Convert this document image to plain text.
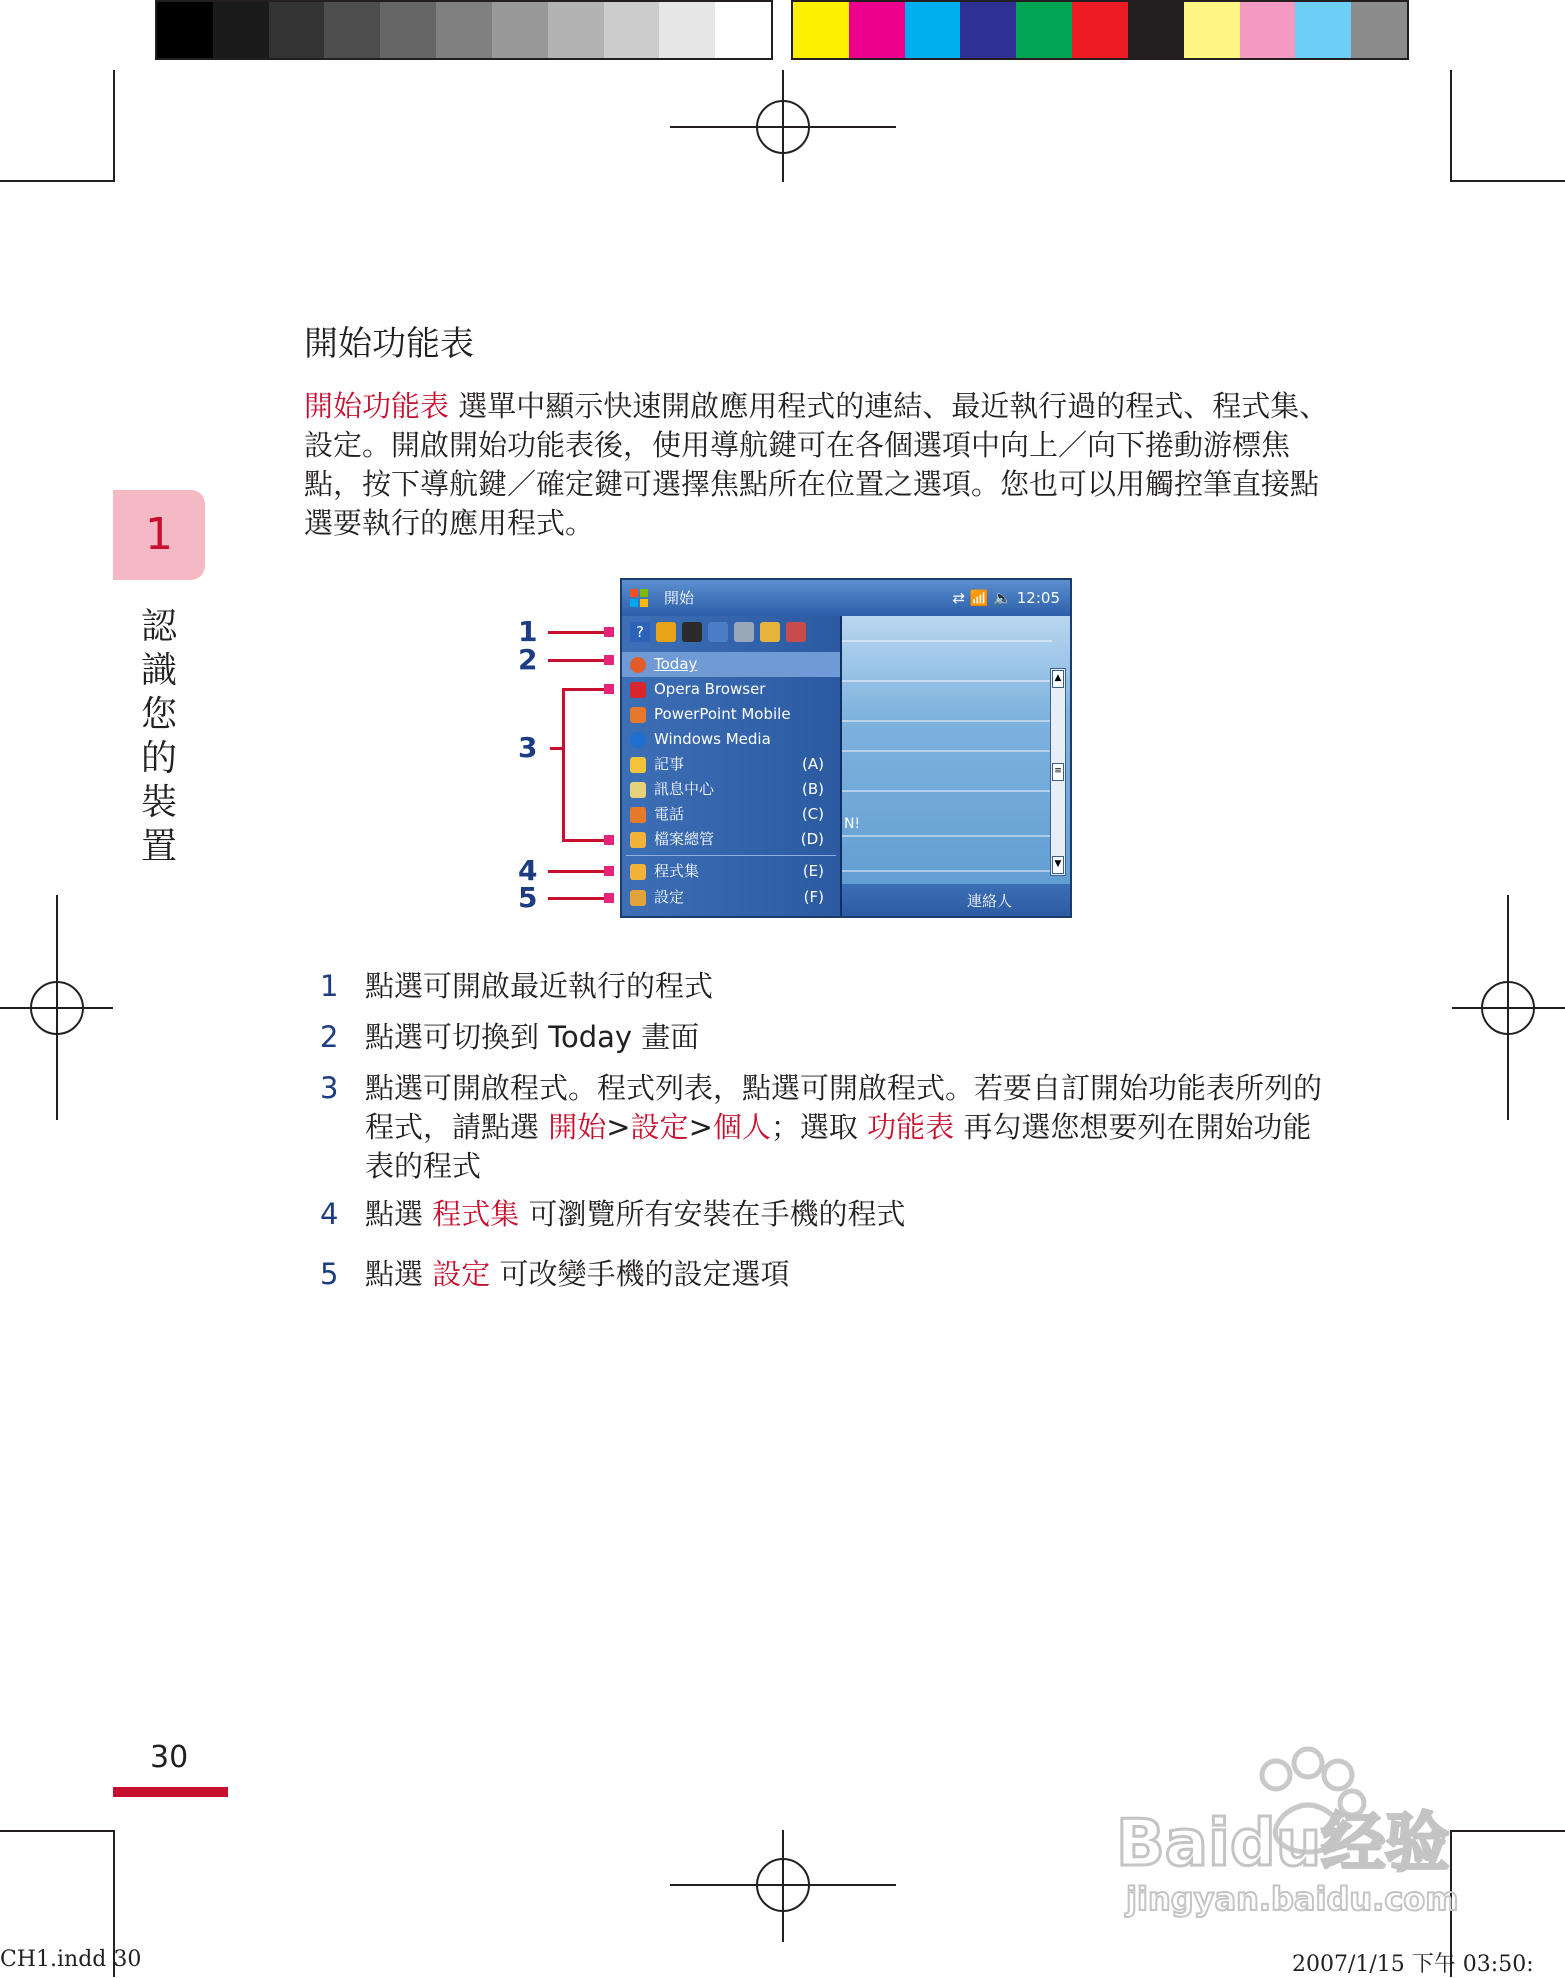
1
認
識
您
的
裝
置
開始功能表
開始功能表 選單中顯示快速開啟應用程式的連結、最近執行過的程式、程式集、設定。開啟開始功能表後，使用導航鍵可在各個選項中向上／向下捲動游標焦點，按下導航鍵／確定鍵可選擇焦點所在位置之選項。您也可以用觸控筆直接點選要執行的應用程式。
N!
開始	⇄ 📶 🔈 12:05
?
Today
Opera Browser
PowerPoint Mobile
Windows Media
記事	(A)
訊息中心	(B)
電話	(C)
檔案總管	(D)
程式集	(E)
設定	(F)
▲
≡
▼
連絡人
1
2
3
4
5
1 點選可開啟最近執行的程式
2 點選可切換到 Today 畫面
3 點選可開啟程式。程式列表，點選可開啟程式。若要自訂開始功能表所列的程式，請點選 開始>設定>個人；選取 功能表 再勾選您想要列在開始功能表的程式
4 點選 程式集 可瀏覽所有安裝在手機的程式
5 點選 設定 可改變手機的設定選項
30
CH1.indd 30	2007/1/15 下午 03:50:
Baidu经验
jingyan.baidu.com
